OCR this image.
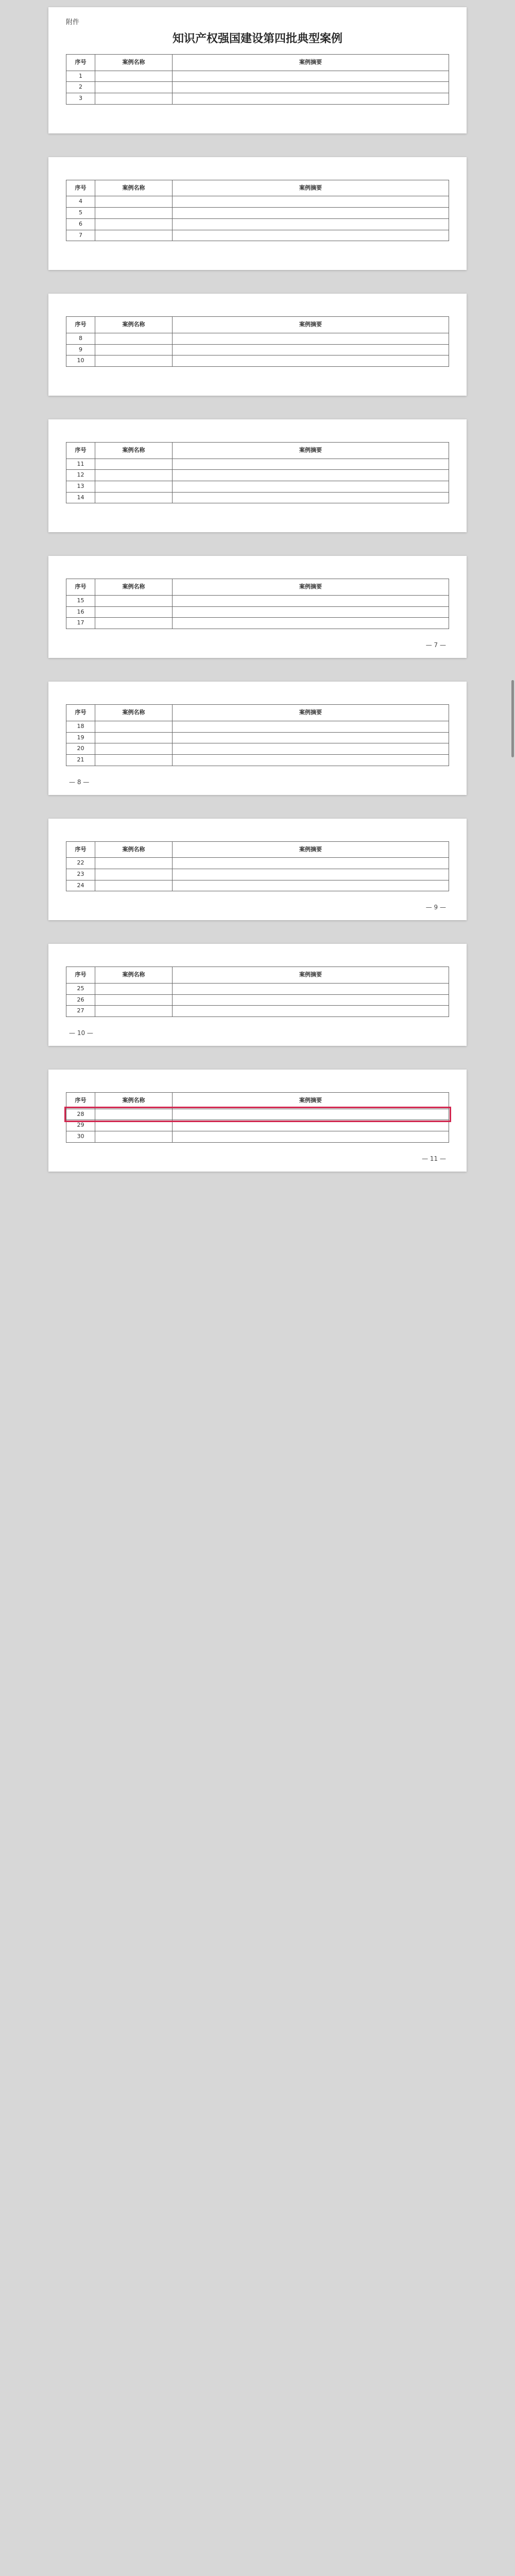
附件
知识产权强国建设第四批典型案例
序号	案例名称	案例摘要
1		
2		
3		
序号	案例名称	案例摘要
4		
5		
6		
7		
序号	案例名称	案例摘要
8		
9		
10		
序号	案例名称	案例摘要
11		
12		
13		
14		
序号	案例名称	案例摘要
15		
16		
17		
— 7 —
序号	案例名称	案例摘要
18		
19		
20		
21		
— 8 —
序号	案例名称	案例摘要
22		
23		
24		
— 9 —
序号	案例名称	案例摘要
25		
26		
27		
— 10 —
序号	案例名称	案例摘要
28		
29		
30		
— 11 —
